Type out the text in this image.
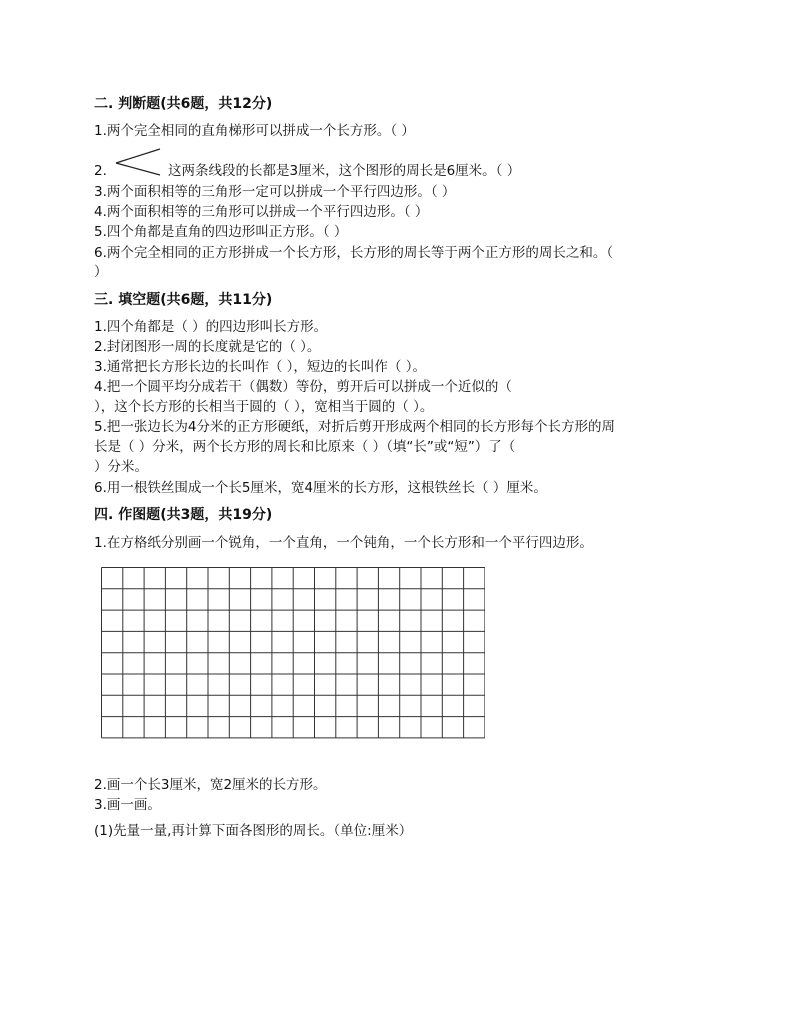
二. 判断题(共6题，共12分)
1.两个完全相同的直角梯形可以拼成一个长方形。（ ）
2.	这两条线段的长都是3厘米，这个图形的周长是6厘米。（ ）
3.两个面积相等的三角形一定可以拼成一个平行四边形。（ ）
4.两个面积相等的三角形可以拼成一个平行四边形。（ ）
5.四个角都是直角的四边形叫正方形。（ ）
6.两个完全相同的正方形拼成一个长方形，长方形的周长等于两个正方形的周长之和。（
）
三. 填空题(共6题，共11分)
1.四个角都是（ ）的四边形叫长方形。
2.封闭图形一周的长度就是它的（ ）。
3.通常把长方形长边的长叫作（ ），短边的长叫作（ ）。
4.把一个圆平均分成若干（偶数）等份，剪开后可以拼成一个近似的（
），这个长方形的长相当于圆的（ ），宽相当于圆的（ ）。
5.把一张边长为4分米的正方形硬纸，对折后剪开形成两个相同的长方形每个长方形的周
长是（ ）分米，两个长方形的周长和比原来（ ）（填“长”或“短”）了（
）分米。
6.用一根铁丝围成一个长5厘米，宽4厘米的长方形，这根铁丝长（ ）厘米。
四. 作图题(共3题，共19分)
1.在方格纸分别画一个锐角，一个直角，一个钝角，一个长方形和一个平行四边形。
2.画一个长3厘米，宽2厘米的长方形。
3.画一画。
(1)先量一量,再计算下面各图形的周长。（单位:厘米）
